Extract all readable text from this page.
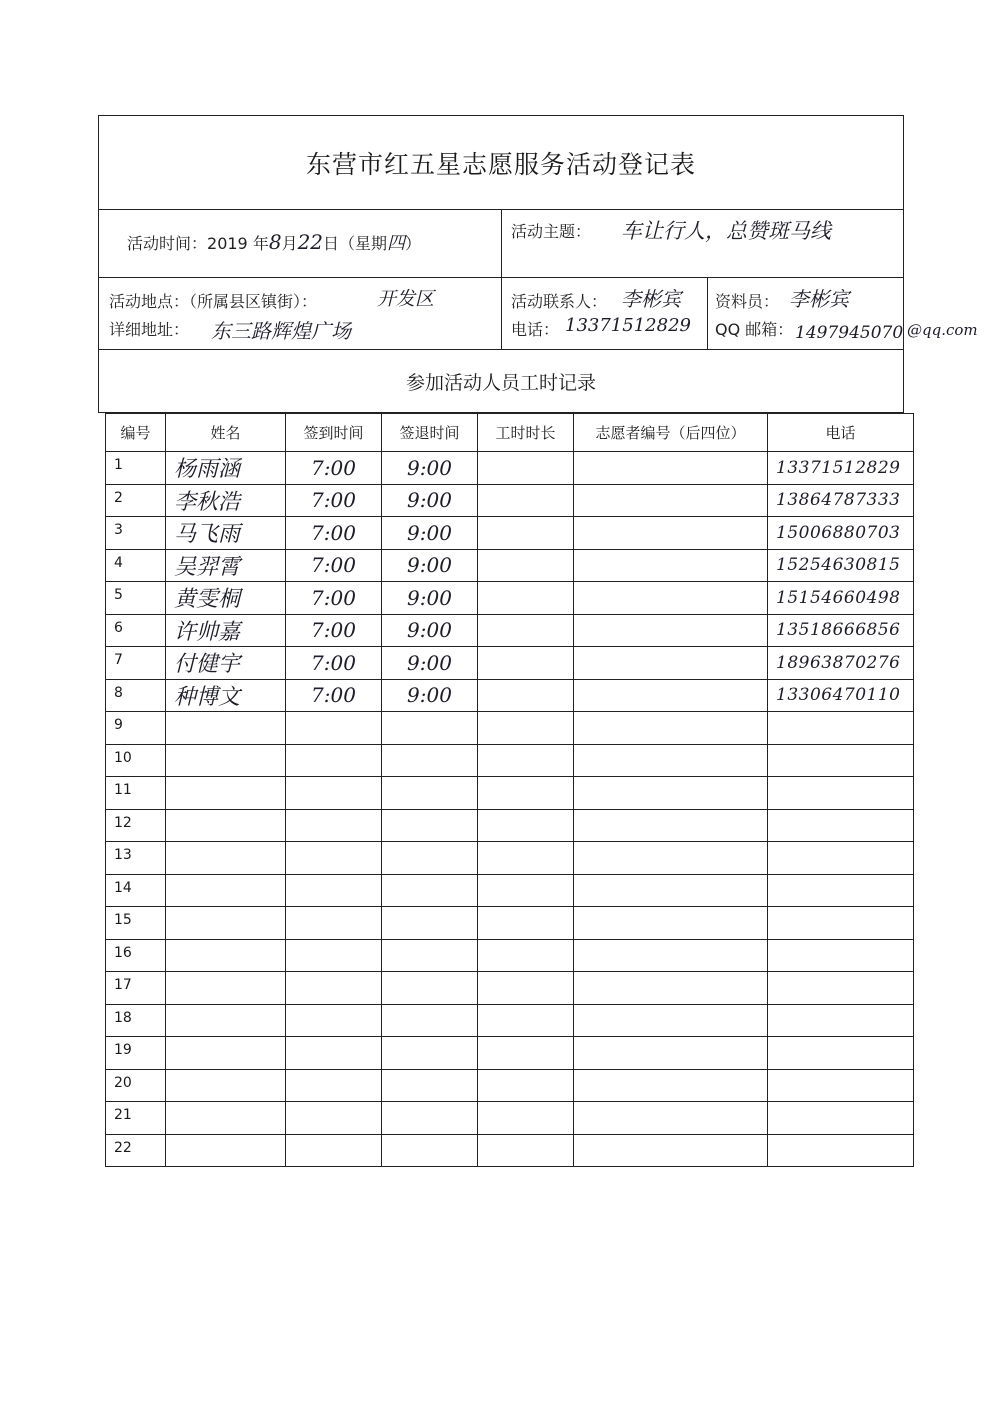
东营市红五星志愿服务活动登记表
活动时间：2019 年8月22日（星期四）
活动主题： 车让行人，总赞斑马线
活动地点：（所属县区镇街）：	开发区
详细地址： 东三路辉煌广场
活动联系人： 李彬宾
电话： 13371512829
资料员： 李彬宾
QQ 邮箱： 1497945070 @qq.com
参加活动人员工时记录
编号	姓名	签到时间	签退时间	工时时长	志愿者编号（后四位）	电话
1	杨雨涵	7:00	9:00			13371512829
2	李秋浩	7:00	9:00			13864787333
3	马飞雨	7:00	9:00			15006880703
4	吴羿霄	7:00	9:00			15254630815
5	黄雯桐	7:00	9:00			15154660498
6	许帅嘉	7:00	9:00			13518666856
7	付健宇	7:00	9:00			18963870276
8	种博文	7:00	9:00			13306470110
9						
10						
11						
12						
13						
14						
15						
16						
17						
18						
19						
20						
21						
22						
